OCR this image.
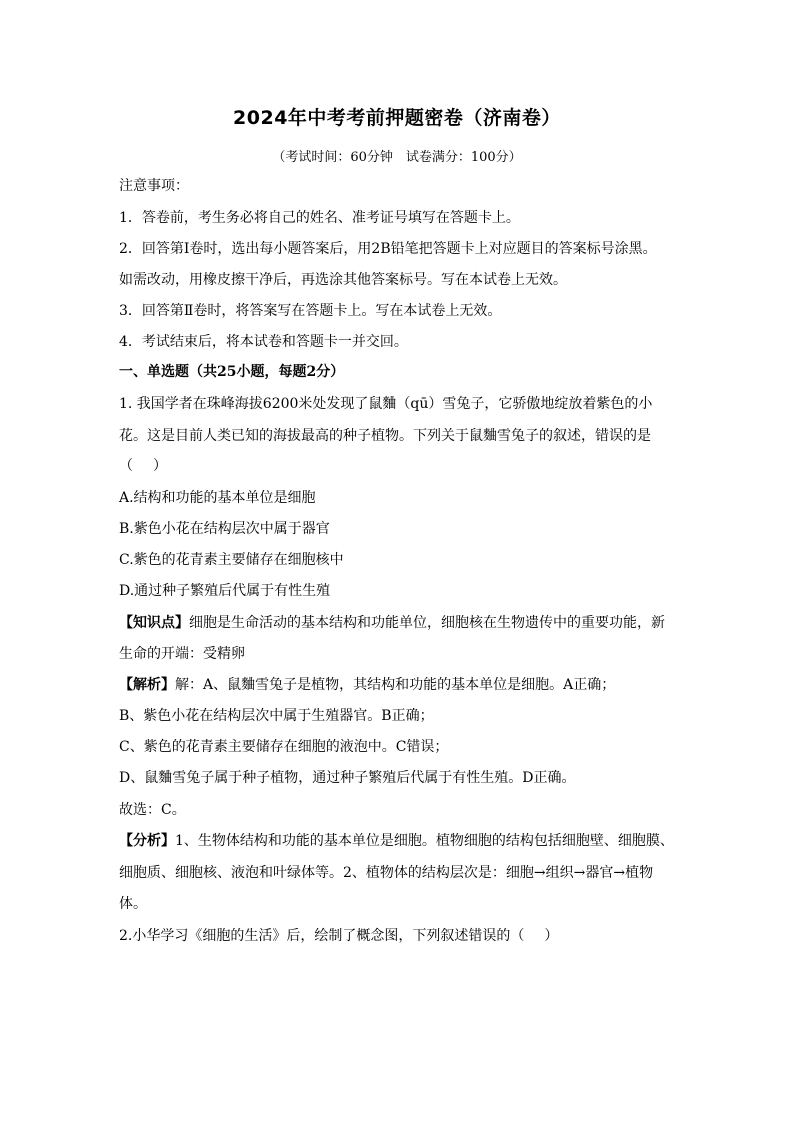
2024年中考考前押题密卷（济南卷）
（考试时间：60分钟　试卷满分：100分）
注意事项：
1．答卷前，考生务必将自己的姓名、准考证号填写在答题卡上。
2．回答第Ⅰ卷时，选出每小题答案后，用2B铅笔把答题卡上对应题目的答案标号涂黑。
如需改动，用橡皮擦干净后，再选涂其他答案标号。写在本试卷上无效。
3．回答第Ⅱ卷时，将答案写在答题卡上。写在本试卷上无效。
4．考试结束后，将本试卷和答题卡一并交回。
一、单选题（共25小题，每题2分）
1. 我国学者在珠峰海拔6200米处发现了鼠麯（qū）雪兔子，它骄傲地绽放着紫色的小
花。这是目前人类已知的海拔最高的种子植物。下列关于鼠麯雪兔子的叙述，错误的是
（ ）
A.结构和功能的基本单位是细胞
B.紫色小花在结构层次中属于器官
C.紫色的花青素主要储存在细胞核中
D.通过种子繁殖后代属于有性生殖
【知识点】细胞是生命活动的基本结构和功能单位，细胞核在生物遗传中的重要功能，新
生命的开端：受精卵
【解析】解：A、鼠麯雪兔子是植物，其结构和功能的基本单位是细胞。A正确；
B、紫色小花在结构层次中属于生殖器官。B正确；
C、紫色的花青素主要储存在细胞的液泡中。C错误；
D、鼠麯雪兔子属于种子植物，通过种子繁殖后代属于有性生殖。D正确。
故选：C。
【分析】1、生物体结构和功能的基本单位是细胞。植物细胞的结构包括细胞壁、细胞膜、
细胞质、细胞核、液泡和叶绿体等。2、植物体的结构层次是：细胞→组织→器官→植物
体。
2.小华学习《细胞的生活》后，绘制了概念图，下列叙述错误的（ ）
